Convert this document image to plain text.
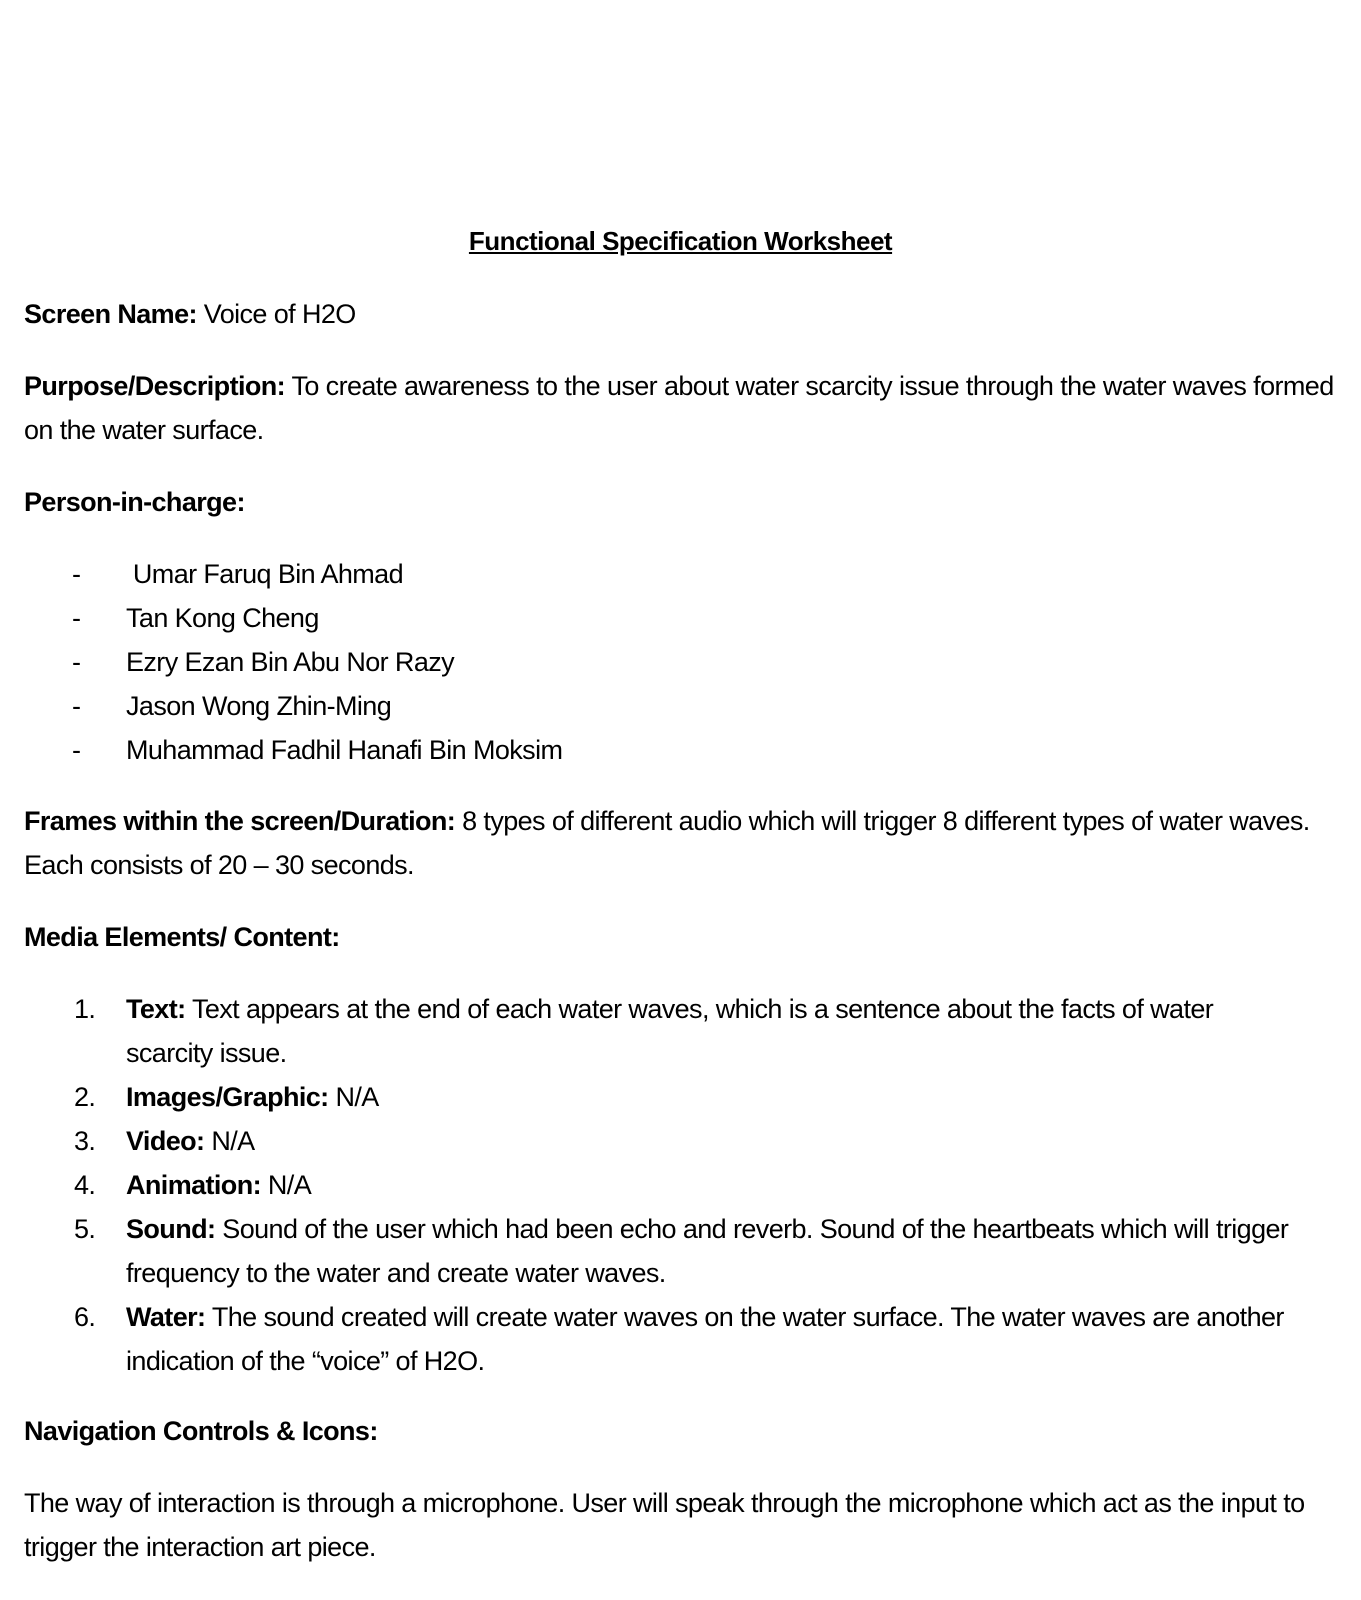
Functional Specification Worksheet
Screen Name: Voice of H2O
Purpose/Description: To create awareness to the user about water scarcity issue through the water waves formed on the water surface.
Person-in-charge:
- Umar Faruq Bin Ahmad
- Tan Kong Cheng
- Ezry Ezan Bin Abu Nor Razy
- Jason Wong Zhin-Ming
- Muhammad Fadhil Hanafi Bin Moksim
Frames within the screen/Duration: 8 types of different audio which will trigger 8 different types of water waves. Each consists of 20 – 30 seconds.
Media Elements/ Content:
1. Text: Text appears at the end of each water waves, which is a sentence about the facts of water scarcity issue.
2. Images/Graphic: N/A
3. Video: N/A
4. Animation: N/A
5. Sound: Sound of the user which had been echo and reverb. Sound of the heartbeats which will trigger frequency to the water and create water waves.
6. Water: The sound created will create water waves on the water surface. The water waves are another indication of the “voice” of H2O.
Navigation Controls & Icons:
The way of interaction is through a microphone. User will speak through the microphone which act as the input to trigger the interaction art piece.
